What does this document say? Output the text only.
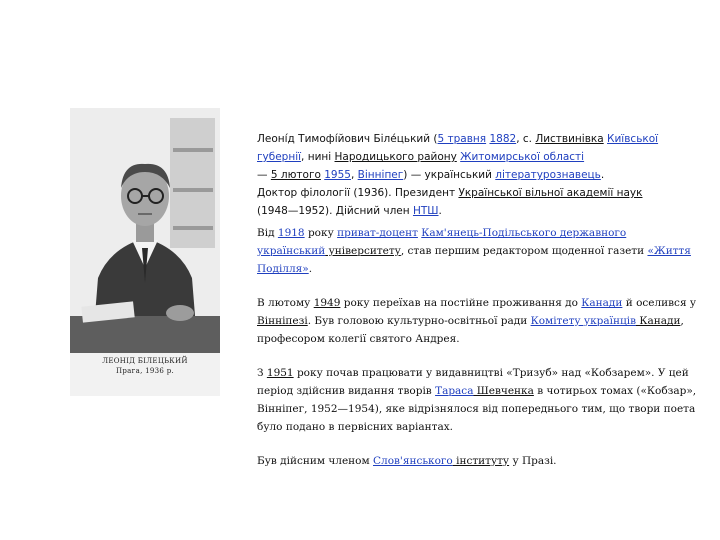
ЛЕОНІД БІЛЕЦЬКИЙ
Прага, 1936 р.

Леоні́д Тимофі́йович Біле́цький (5 травня 1882, с. Листвинівка Київської губернії, нині Народицького району Житомирської області
— 5 лютого 1955, Вінніпег) — український літературознавець.
Доктор філології (1936). Президент Української вільної академії наук
(1948—1952). Дійсний член НТШ.

Від 1918 року приват-доцент Кам'янець-Подільського державного український університету, став першим редактором щоденної газети «Життя Поділля».

В лютому 1949 року переїхав на постійне проживання до Канади й оселився у Вінніпезі. Був головою культурно-освітньої ради Комітету українців Канади, професором колегії святого Андрея.

З 1951 року почав працювати у видавництві «Тризуб» над «Кобзарем». У цей період здійснив видання творів Тараса Шевченка в чотирьох томах («Кобзар», Вінніпег, 1952—1954), яке відрізнялося від попереднього тим, що твори поета було подано в первісних варіантах.

Був дійсним членом Слов'янського інституту у Празі.
